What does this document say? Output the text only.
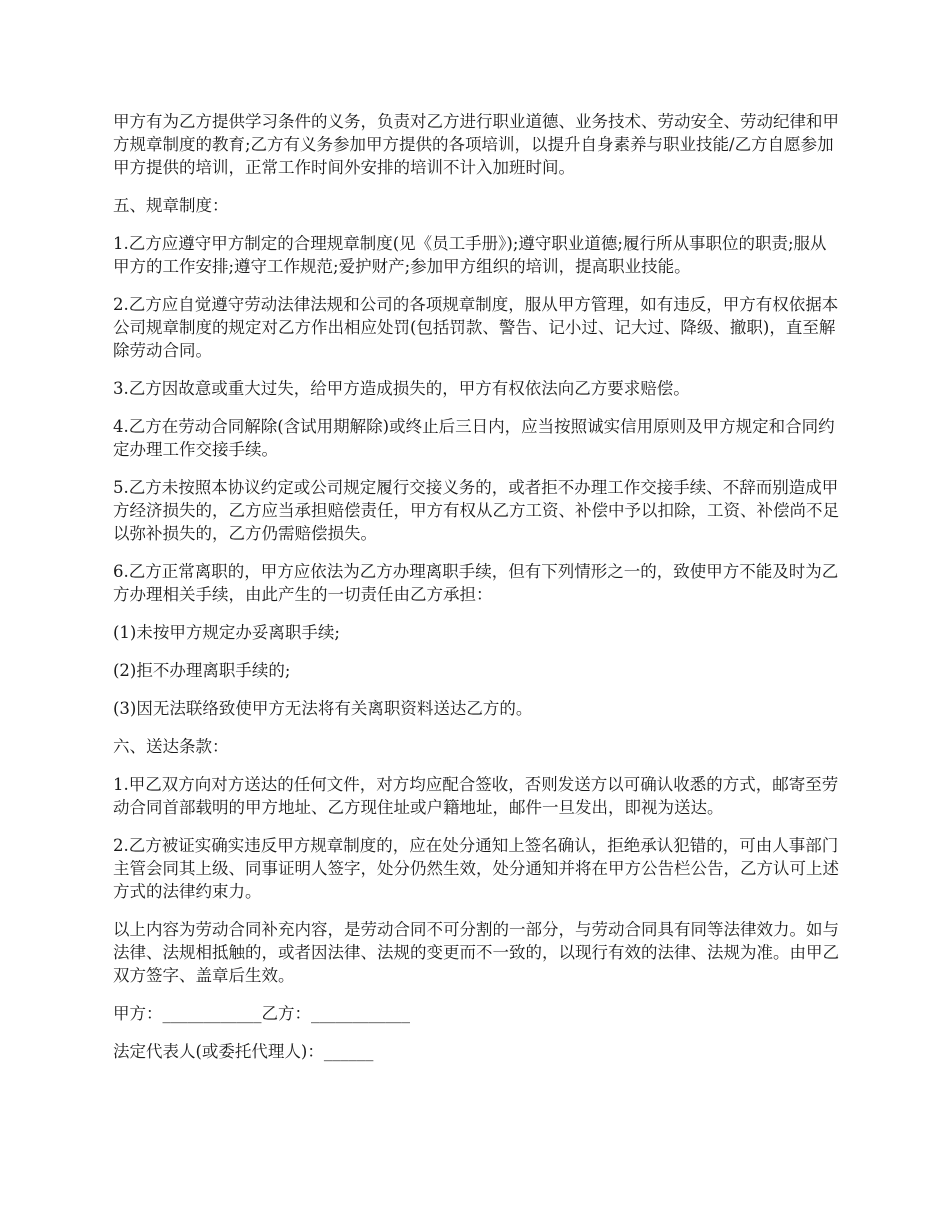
甲方有为乙方提供学习条件的义务，负责对乙方进行职业道德、业务技术、劳动安全、劳动纪律和甲方规章制度的教育;乙方有义务参加甲方提供的各项培训，以提升自身素养与职业技能/乙方自愿参加甲方提供的培训，正常工作时间外安排的培训不计入加班时间。

五、规章制度：

1.乙方应遵守甲方制定的合理规章制度(见《员工手册》);遵守职业道德;履行所从事职位的职责;服从甲方的工作安排;遵守工作规范;爱护财产;参加甲方组织的培训，提高职业技能。

2.乙方应自觉遵守劳动法律法规和公司的各项规章制度，服从甲方管理，如有违反，甲方有权依据本公司规章制度的规定对乙方作出相应处罚(包括罚款、警告、记小过、记大过、降级、撤职)，直至解除劳动合同。

3.乙方因故意或重大过失，给甲方造成损失的，甲方有权依法向乙方要求赔偿。

4.乙方在劳动合同解除(含试用期解除)或终止后三日内，应当按照诚实信用原则及甲方规定和合同约定办理工作交接手续。

5.乙方未按照本协议约定或公司规定履行交接义务的，或者拒不办理工作交接手续、不辞而别造成甲方经济损失的，乙方应当承担赔偿责任，甲方有权从乙方工资、补偿中予以扣除，工资、补偿尚不足以弥补损失的，乙方仍需赔偿损失。

6.乙方正常离职的，甲方应依法为乙方办理离职手续，但有下列情形之一的，致使甲方不能及时为乙方办理相关手续，由此产生的一切责任由乙方承担：

(1)未按甲方规定办妥离职手续;

(2)拒不办理离职手续的;

(3)因无法联络致使甲方无法将有关离职资料送达乙方的。

六、送达条款：

1.甲乙双方向对方送达的任何文件，对方均应配合签收，否则发送方以可确认收悉的方式，邮寄至劳动合同首部载明的甲方地址、乙方现住址或户籍地址，邮件一旦发出，即视为送达。

2.乙方被证实确实违反甲方规章制度的，应在处分通知上签名确认，拒绝承认犯错的，可由人事部门主管会同其上级、同事证明人签字，处分仍然生效，处分通知并将在甲方公告栏公告，乙方认可上述方式的法律约束力。

以上内容为劳动合同补充内容，是劳动合同不可分割的一部分，与劳动合同具有同等法律效力。如与法律、法规相抵触的，或者因法律、法规的变更而不一致的，以现行有效的法律、法规为准。由甲乙双方签字、盖章后生效。

甲方：____________乙方：____________

法定代表人(或委托代理人)：______
